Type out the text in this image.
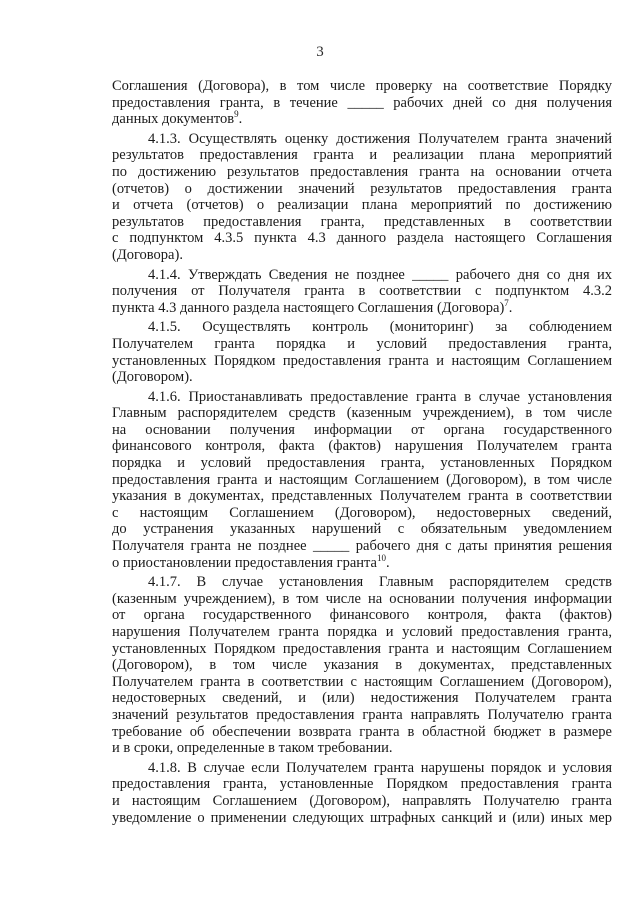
3
Соглашения (Договора), в том числе проверку на соответствие Порядку
предоставления гранта, в течение _____ рабочих дней со дня получения
данных документов$^9$.
4.1.3. Осуществлять оценку достижения Получателем гранта значений
результатов предоставления гранта и реализации плана мероприятий
по достижению результатов предоставления гранта на основании отчета
(отчетов) о достижении значений результатов предоставления гранта
и отчета (отчетов) о реализации плана мероприятий по достижению
результатов предоставления гранта, представленных в соответствии
с подпунктом 4.3.5 пункта 4.3 данного раздела настоящего Соглашения
(Договора).
4.1.4. Утверждать Сведения не позднее _____ рабочего дня со дня их
получения от Получателя гранта в соответствии с подпунктом 4.3.2
пункта 4.3 данного раздела настоящего Соглашения (Договора)$^7$.
4.1.5. Осуществлять контроль (мониторинг) за соблюдением
Получателем гранта порядка и условий предоставления гранта,
установленных Порядком предоставления гранта и настоящим Соглашением
(Договором).
4.1.6. Приостанавливать предоставление гранта в случае установления
Главным распорядителем средств (казенным учреждением), в том числе
на основании получения информации от органа государственного
финансового контроля, факта (фактов) нарушения Получателем гранта
порядка и условий предоставления гранта, установленных Порядком
предоставления гранта и настоящим Соглашением (Договором), в том числе
указания в документах, представленных Получателем гранта в соответствии
с настоящим Соглашением (Договором), недостоверных сведений,
до устранения указанных нарушений с обязательным уведомлением
Получателя гранта не позднее _____ рабочего дня с даты принятия решения
о приостановлении предоставления гранта$^{10}$.
4.1.7. В случае установления Главным распорядителем средств
(казенным учреждением), в том числе на основании получения информации
от органа государственного финансового контроля, факта (фактов)
нарушения Получателем гранта порядка и условий предоставления гранта,
установленных Порядком предоставления гранта и настоящим Соглашением
(Договором), в том числе указания в документах, представленных
Получателем гранта в соответствии с настоящим Соглашением (Договором),
недостоверных сведений, и (или) недостижения Получателем гранта
значений результатов предоставления гранта направлять Получателю гранта
требование об обеспечении возврата гранта в областной бюджет в размере
и в сроки, определенные в таком требовании.
4.1.8. В случае если Получателем гранта нарушены порядок и условия
предоставления гранта, установленные Порядком предоставления гранта
и настоящим Соглашением (Договором), направлять Получателю гранта
уведомление о применении следующих штрафных санкций и (или) иных мер
